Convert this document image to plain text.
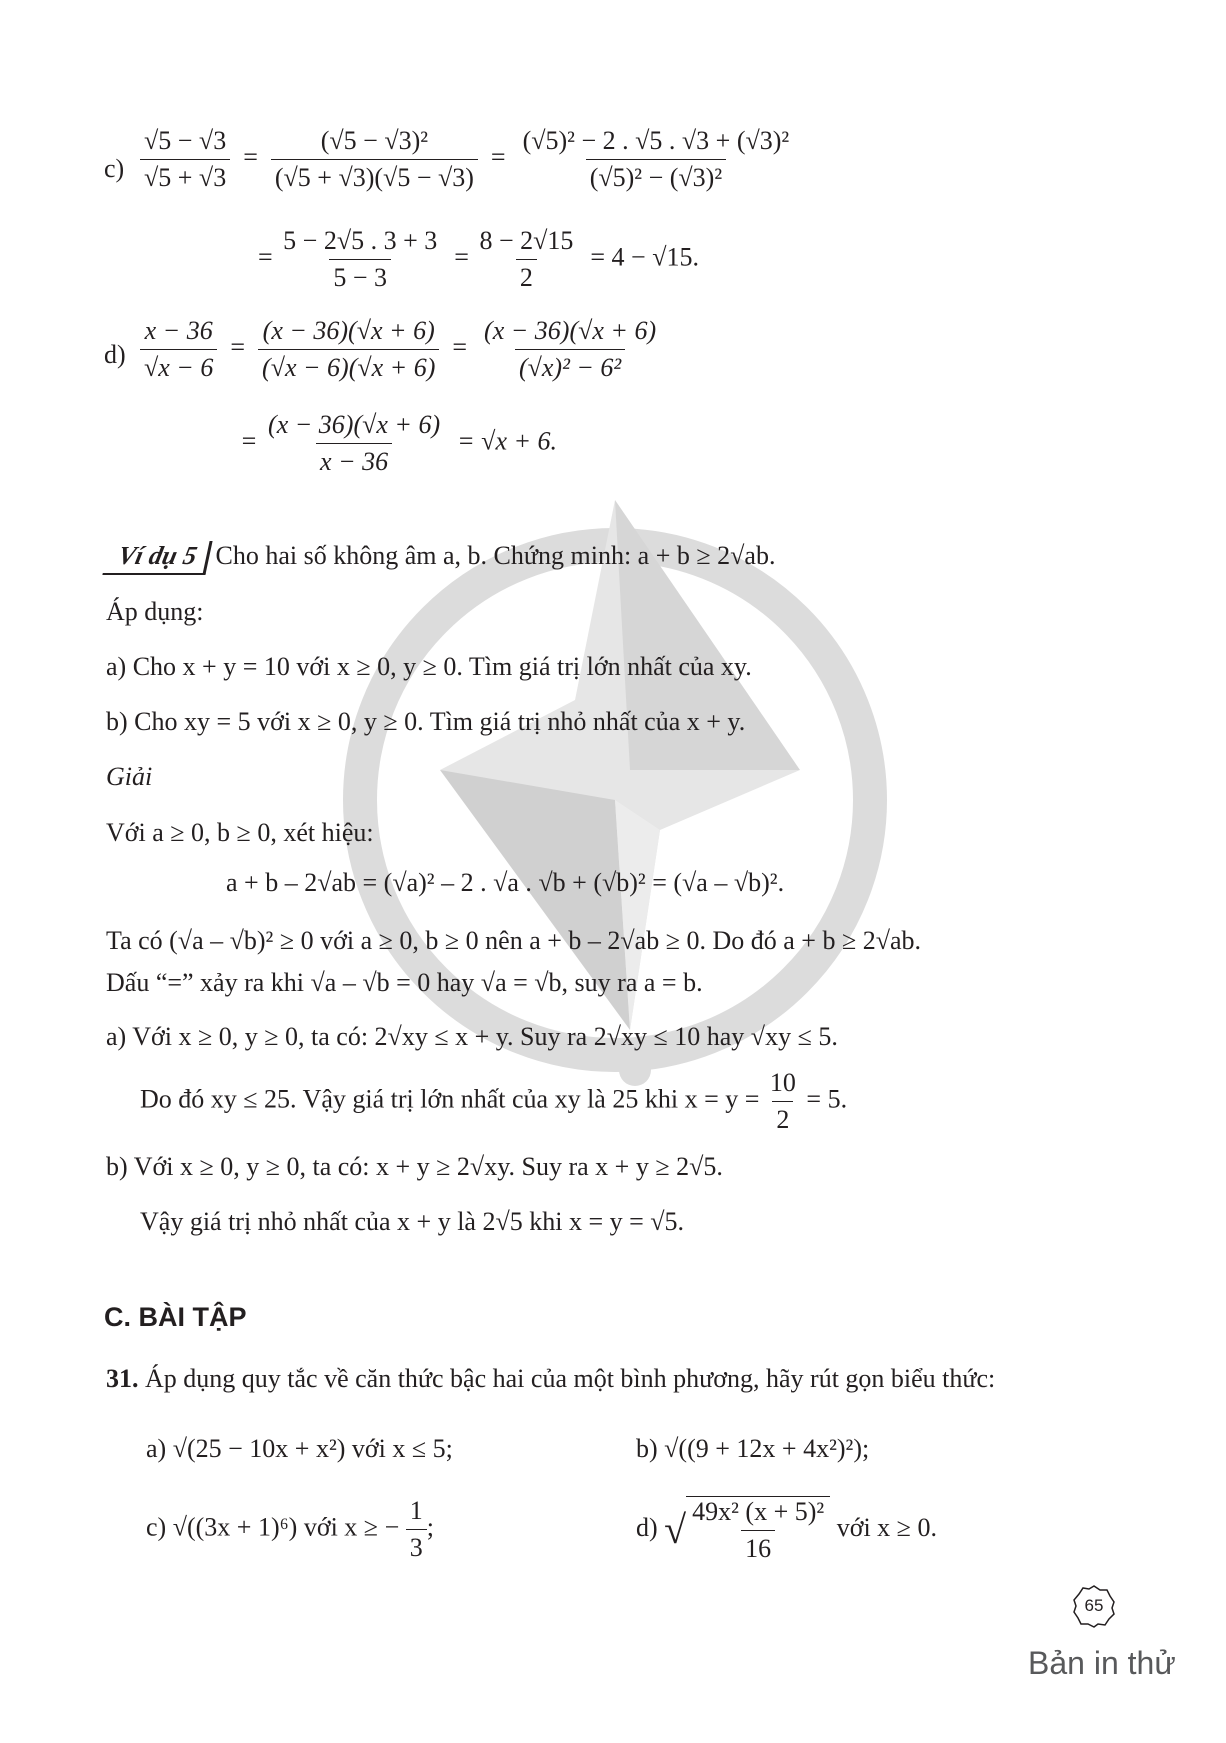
$c) \frac{√5 - √3}{√5 + √3} = \frac{\text{(√5 − √3)²}}{(√5 + √3)(√5 - √3)} = \frac{\text{(√5)² − 2 . √5 . √3 + (√3)²}}{\text{(√5)² − (√3)²}}$
= $\frac{5 - 2√5 . 3 + 3}{5 - 3} = \frac{8 - 2√15}{2} = 4 - √15$.
$d) \frac{x - 36}{√x - 6} = \frac{(x - 36)(√x + 6)}{(√x - 6)(√x + 6)} = \frac{(x - 36)(√x + 6)}{\text{(√x)² − 6²}}$
= $\frac{(x - 36)(√x + 6)}{x - 36} = √x + 6$.
Ví dụ 5 Cho hai số không âm a, b. Chứng minh: a + b ≥ 2√ab.
Áp dụng:
a) Cho x + y = 10 với x ≥ 0, y ≥ 0. Tìm giá trị lớn nhất của xy.
b) Cho xy = 5 với x ≥ 0, y ≥ 0. Tìm giá trị nhỏ nhất của x + y.
Giải
Với a ≥ 0, b ≥ 0, xét hiệu:
a + b – 2√ab = (√a)² – 2 . √a . √b + (√b)² = (√a – √b)².
Ta có (√a – √b)² ≥ 0 với a ≥ 0, b ≥ 0 nên a + b – 2√ab ≥ 0. Do đó a + b ≥ 2√ab.
Dấu “=” xảy ra khi √a – √b = 0 hay √a = √b, suy ra a = b.
a) Với x ≥ 0, y ≥ 0, ta có: 2√xy ≤ x + y. Suy ra 2√xy ≤ 10 hay √xy ≤ 5.
Do đó xy ≤ 25. Vậy giá trị lớn nhất của xy là 25 khi $x = y = \frac{10}{2} = 5$.
b) Với x ≥ 0, y ≥ 0, ta có: x + y ≥ 2√xy. Suy ra x + y ≥ 2√5.
Vậy giá trị nhỏ nhất của x + y là 2√5 khi x = y = √5.
C. BÀI TẬP
31. Áp dụng quy tắc về căn thức bậc hai của một bình phương, hãy rút gọn biểu thức:
a) √(25 − 10x + x²) với x ≤ 5;	b) √((9 + 12x + 4x²)²);
c) √((3x + 1)⁶) với x ≥ − $\frac{1}{3}$ ;	d) √ $\frac{\text{49x² (x + 5)²}}{16}$ với x ≥ 0.
65
Bản in thử
